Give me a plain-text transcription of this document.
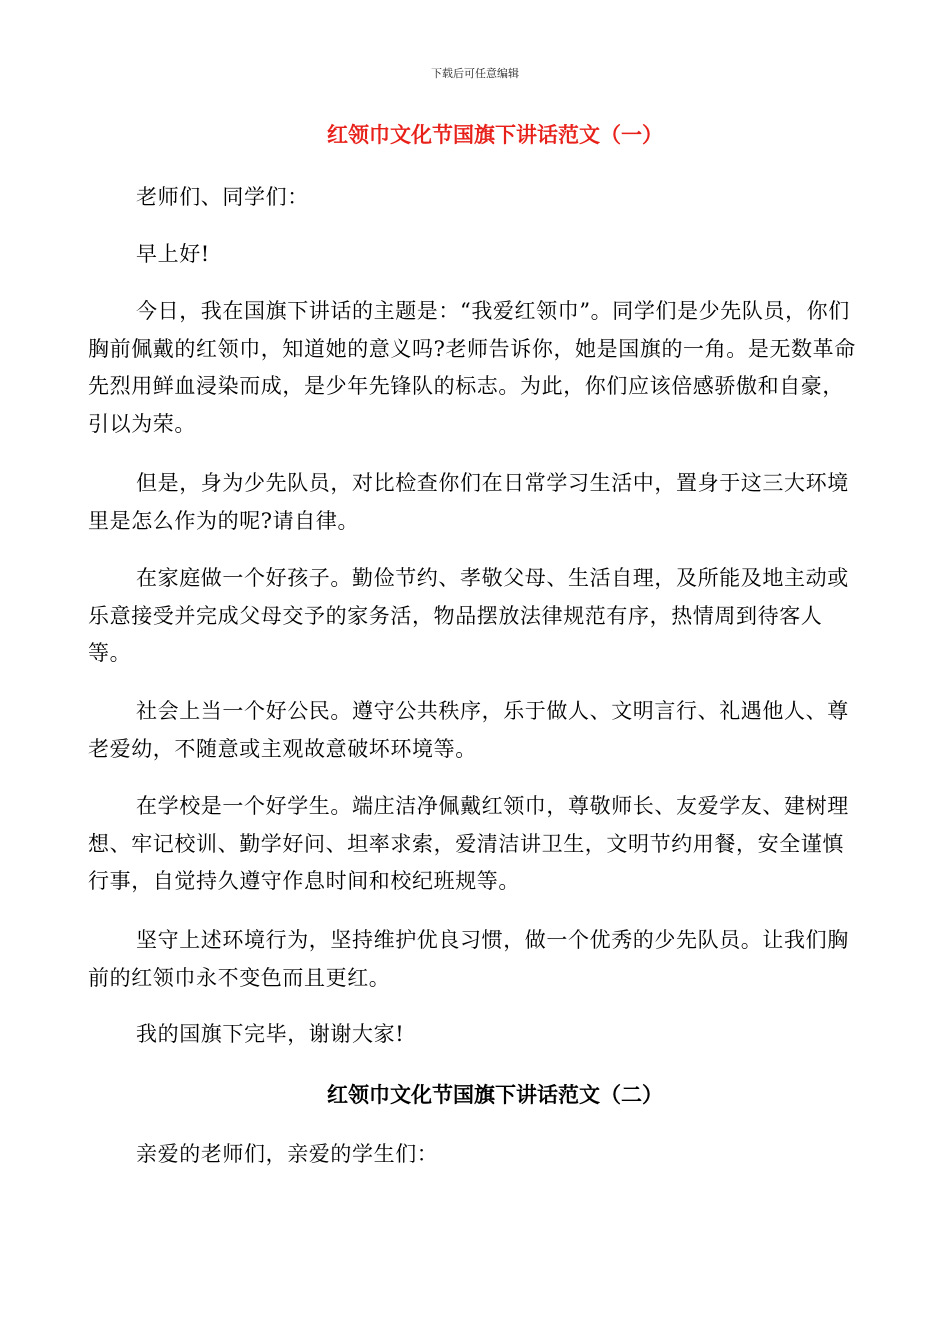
下载后可任意编辑
红领巾文化节国旗下讲话范文（一）

老师们、同学们：

早上好!

今日，我在国旗下讲话的主题是：“我爱红领巾”。同学们是少先队员，你们胸前佩戴的红领巾，知道她的意义吗?老师告诉你，她是国旗的一角。是无数革命先烈用鲜血浸染而成，是少年先锋队的标志。为此，你们应该倍感骄傲和自豪，引以为荣。

但是，身为少先队员，对比检查你们在日常学习生活中，置身于这三大环境里是怎么作为的呢?请自律。

在家庭做一个好孩子。勤俭节约、孝敬父母、生活自理，及所能及地主动或乐意接受并完成父母交予的家务活，物品摆放法律规范有序，热情周到待客人等。

社会上当一个好公民。遵守公共秩序，乐于做人、文明言行、礼遇他人、尊老爱幼，不随意或主观故意破坏环境等。

在学校是一个好学生。端庄洁净佩戴红领巾，尊敬师长、友爱学友、建树理想、牢记校训、勤学好问、坦率求索，爱清洁讲卫生，文明节约用餐，安全谨慎行事，自觉持久遵守作息时间和校纪班规等。

坚守上述环境行为，坚持维护优良习惯，做一个优秀的少先队员。让我们胸前的红领巾永不变色而且更红。

我的国旗下完毕，谢谢大家!

红领巾文化节国旗下讲话范文（二）

亲爱的老师们，亲爱的学生们：
